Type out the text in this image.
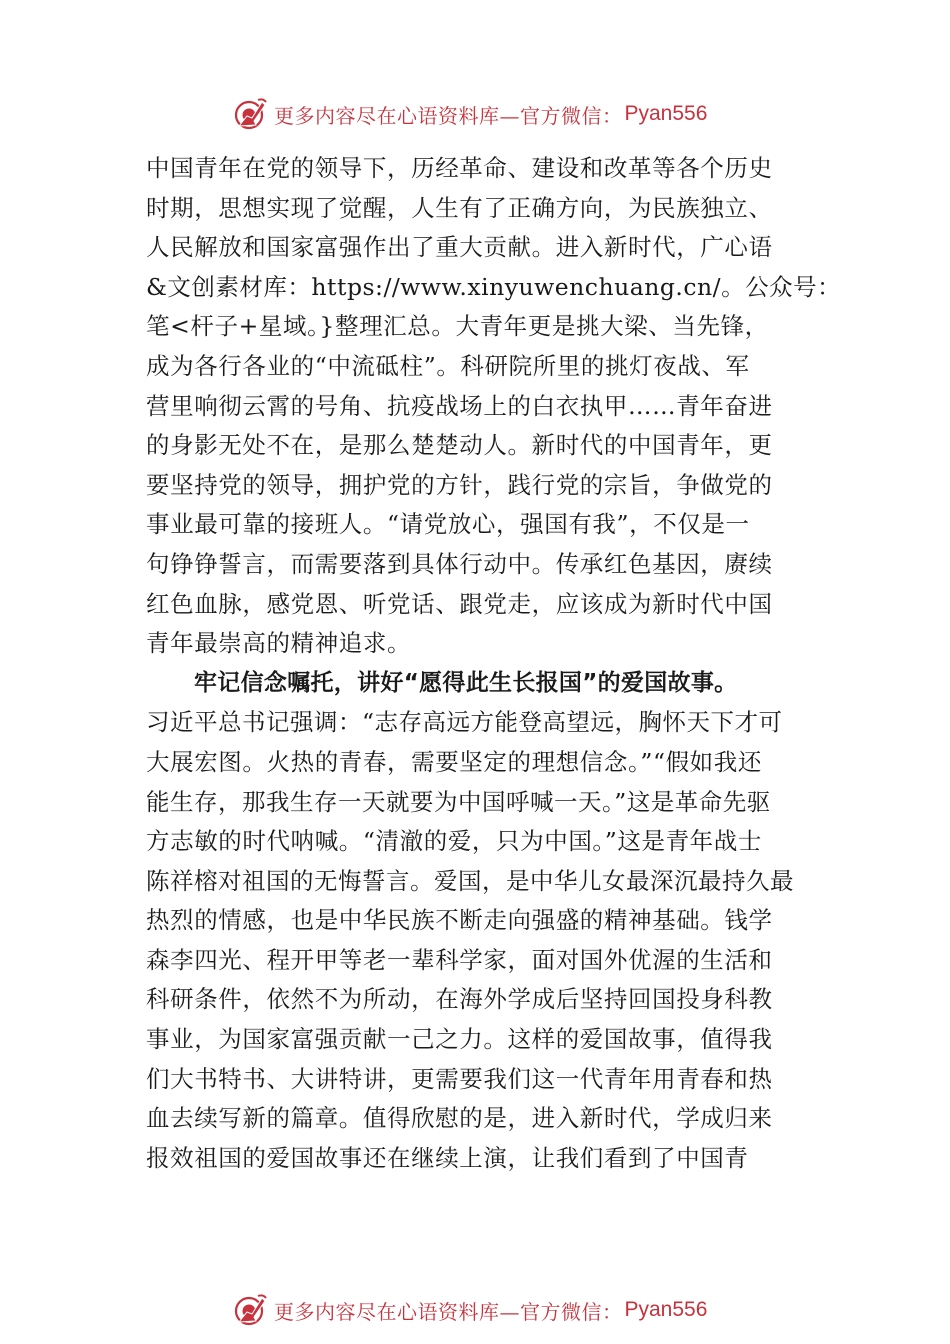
更多内容尽在心语资料库—官方微信： Pyan556
中国青年在党的领导下，历经革命、建设和改革等各个历史
时期，思想实现了觉醒，人生有了正确方向，为民族独立、
人民解放和国家富强作出了重大贡献。进入新时代，广心语
&文创素材库：https://www.xinyuwenchuang.cn/。公众号：
笔<杆子+星域。}整理汇总。大青年更是挑大梁、当先锋，
成为各行各业的“中流砥柱”。科研院所里的挑灯夜战、军
营里响彻云霄的号角、抗疫战场上的白衣执甲……青年奋进
的身影无处不在，是那么楚楚动人。新时代的中国青年，更
要坚持党的领导，拥护党的方针，践行党的宗旨，争做党的
事业最可靠的接班人。“请党放心，强国有我”，不仅是一
句铮铮誓言，而需要落到具体行动中。传承红色基因，赓续
红色血脉，感党恩、听党话、跟党走，应该成为新时代中国
青年最崇高的精神追求。
牢记信念嘱托，讲好“愿得此生长报国”的爱国故事。
习近平总书记强调：“志存高远方能登高望远，胸怀天下才可
大展宏图。火热的青春，需要坚定的理想信念。”“假如我还
能生存，那我生存一天就要为中国呼喊一天。”这是革命先驱
方志敏的时代呐喊。“清澈的爱，只为中国。”这是青年战士
陈祥榕对祖国的无悔誓言。爱国，是中华儿女最深沉最持久最
热烈的情感，也是中华民族不断走向强盛的精神基础。钱学
森李四光、程开甲等老一辈科学家，面对国外优渥的生活和
科研条件，依然不为所动，在海外学成后坚持回国投身科教
事业，为国家富强贡献一己之力。这样的爱国故事，值得我
们大书特书、大讲特讲，更需要我们这一代青年用青春和热
血去续写新的篇章。值得欣慰的是，进入新时代，学成归来
报效祖国的爱国故事还在继续上演，让我们看到了中国青
更多内容尽在心语资料库—官方微信： Pyan556
